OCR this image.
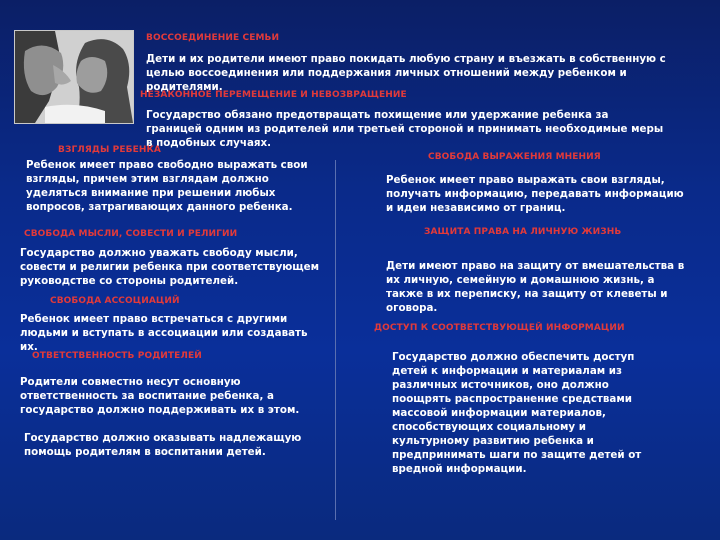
ВОССОЕДИНЕНИЕ СЕМЬИ
Дети и их родители имеют право покидать любую страну и въезжать в собственную с целью воссоединения или поддержания личных отношений между ребенком и родителями.
НЕЗАКОННОЕ ПЕРЕМЕЩЕНИЕ И НЕВОЗВРАЩЕНИЕ
Государство обязано предотвращать похищение или удержание ребенка за границей одним из родителей или третьей стороной и принимать необходимые меры в подобных случаях.
ВЗГЛЯДЫ РЕБЕНКА
Ребенок имеет право свободно выражать свои взгляды, причем этим взглядам должно уделяться внимание при решении любых вопросов, затрагивающих данного ребенка.
СВОБОДА МЫСЛИ, СОВЕСТИ И РЕЛИГИИ
Государство должно уважать свободу мысли, совести и религии ребенка при соответствующем руководстве со стороны родителей.
СВОБОДА АССОЦИАЦИЙ
Ребенок имеет право встречаться с другими людьми и вступать в ассоциации или создавать их.
ОТВЕТСТВЕННОСТЬ РОДИТЕЛЕЙ
Родители совместно несут основную ответственность за воспитание ребенка, а государство должно поддерживать их в этом.
Государство должно оказывать надлежащую помощь родителям в воспитании детей.
СВОБОДА ВЫРАЖЕНИЯ МНЕНИЯ
Ребенок имеет право выражать свои взгляды, получать информацию, передавать информацию и идеи независимо от границ.
ЗАЩИТА ПРАВА НА ЛИЧНУЮ ЖИЗНЬ
Дети имеют право на защиту от вмешательства в их личную, семейную и домашнюю жизнь, а также в их переписку, на защиту от клеветы и оговора.
ДОСТУП К СООТВЕТСТВУЮЩЕЙ ИНФОРМАЦИИ
Государство должно обеспечить доступ детей к информации и материалам из различных источников, оно должно поощрять распространение средствами массовой информации материалов, способствующих социальному и культурному развитию ребенка и предпринимать шаги по защите детей от вредной информации.
